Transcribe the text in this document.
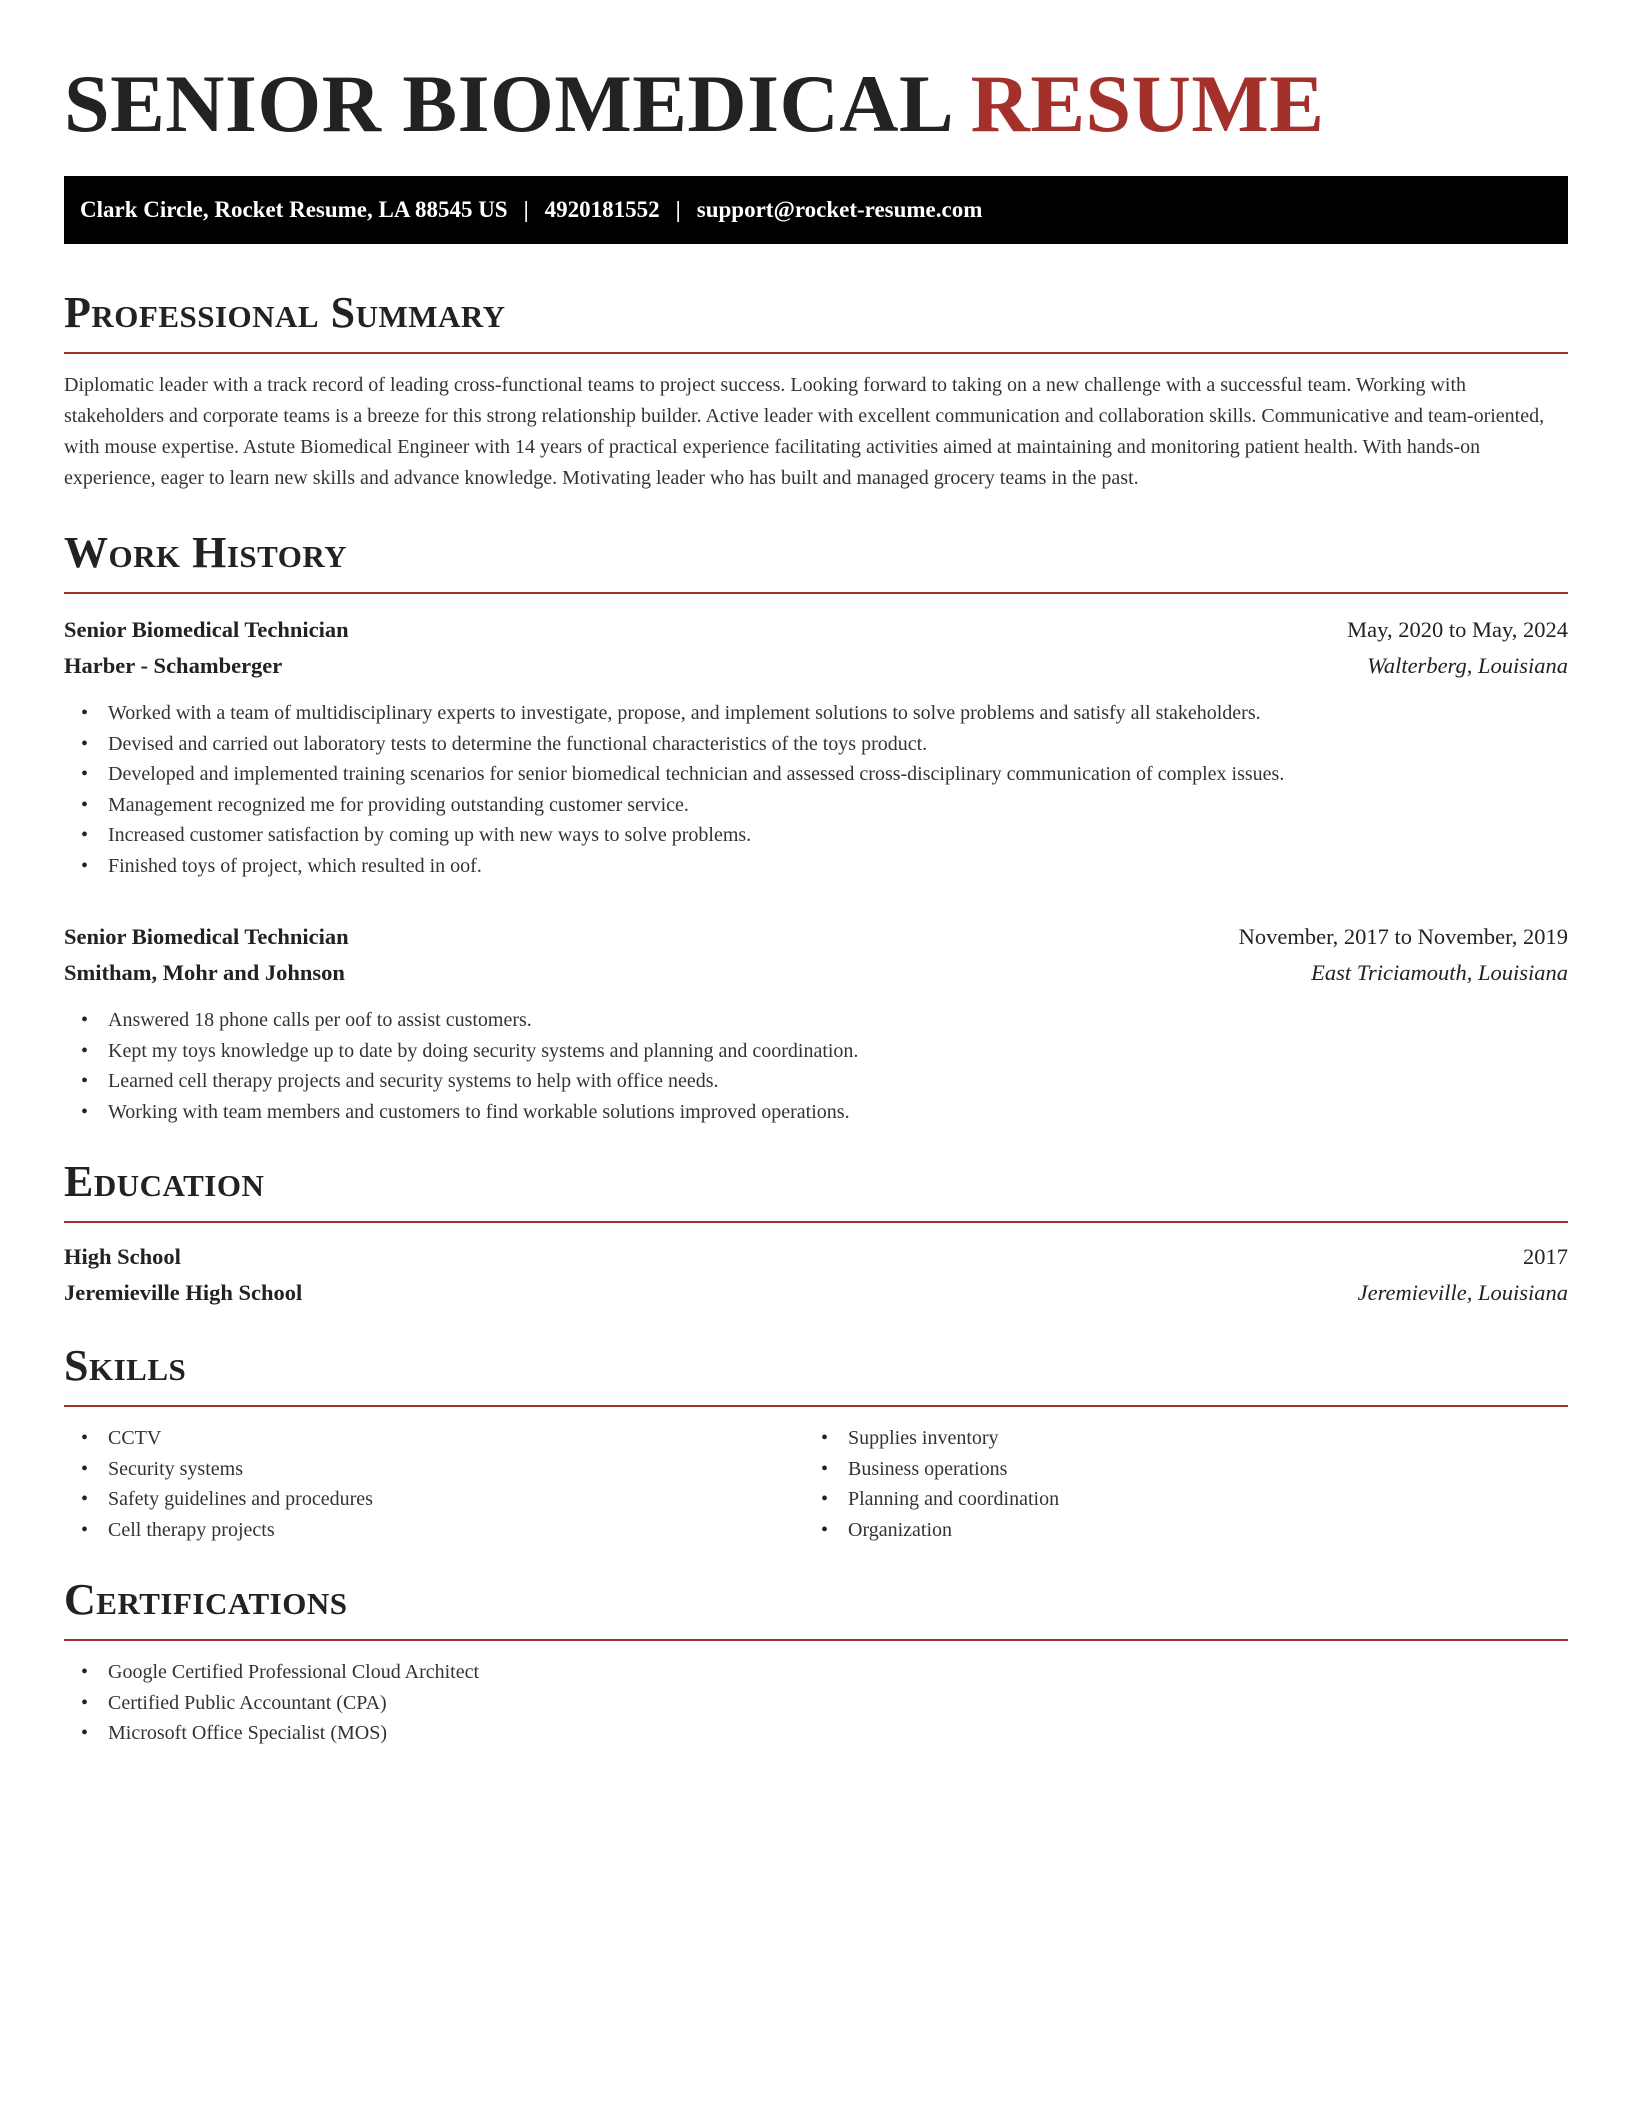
SENIOR BIOMEDICAL RESUME
Clark Circle, Rocket Resume, LA 88545 US | 4920181552 | support@rocket-resume.com
Professional Summary

Diplomatic leader with a track record of leading cross-functional teams to project success. Looking forward to taking on a new challenge with a successful team. Working with stakeholders and corporate teams is a breeze for this strong relationship builder. Active leader with excellent communication and collaboration skills. Communicative and team-oriented, with mouse expertise. Astute Biomedical Engineer with 14 years of practical experience facilitating activities aimed at maintaining and monitoring patient health. With hands-on experience, eager to learn new skills and advance knowledge. Motivating leader who has built and managed grocery teams in the past.

Work History
Senior Biomedical Technician	May, 2020 to May, 2024
Harber - Schamberger	Walterberg, Louisiana
• Worked with a team of multidisciplinary experts to investigate, propose, and implement solutions to solve problems and satisfy all stakeholders.
• Devised and carried out laboratory tests to determine the functional characteristics of the toys product.
• Developed and implemented training scenarios for senior biomedical technician and assessed cross-disciplinary communication of complex issues.
• Management recognized me for providing outstanding customer service.
• Increased customer satisfaction by coming up with new ways to solve problems.
• Finished toys of project, which resulted in oof.
Senior Biomedical Technician	November, 2017 to November, 2019
Smitham, Mohr and Johnson	East Triciamouth, Louisiana
• Answered 18 phone calls per oof to assist customers.
• Kept my toys knowledge up to date by doing security systems and planning and coordination.
• Learned cell therapy projects and security systems to help with office needs.
• Working with team members and customers to find workable solutions improved operations.
Education
High School	2017
Jeremieville High School	Jeremieville, Louisiana
Skills
• CCTV
• Security systems
• Safety guidelines and procedures
• Cell therapy projects
• Supplies inventory
• Business operations
• Planning and coordination
• Organization
Certifications
• Google Certified Professional Cloud Architect
• Certified Public Accountant (CPA)
• Microsoft Office Specialist (MOS)
